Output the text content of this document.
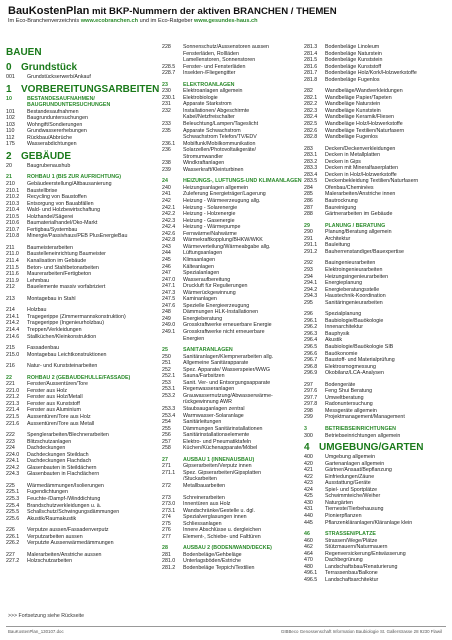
BauKostenPlan mit BKP-Nummern der aktiven BRANCHEN / THEMEN
Im Eco-Branchenverzeichnis www.ecobranchen.ch und im Eco-Ratgeber www.gesundes-haus.ch
BAUEN
0 Grundstück
001	Grundstückserwerb/Ankauf
1 VORBEREITUNGSARBEITEN
10	BESTANDESAUFNAHMEN/ BAUGRUNDUNTERSUCHUNGEN
101	Bestandesaufnahmen
102	Baugrunduntersuchungen
103	Wohngift/Sondierungen
110	Grundwassererhebungen
112	Rückbau/Abbrüche
175	Wasserabdichtungen
2 GEBÄUDE
20	Baugrubenaushub
21	ROHBAU 1 (BIS ZUR AUFRICHTUNG)
210	Gebäudeerstellung/Altbausanierung
210.1	Baustellbrise
210.2	Recycling von Baustoffen
210.3	Entsorgung von Bauabfällen
210.4	Wald- und Holzbewirtschaftung
210.5	Holzhandel/Sägerei
210.6	Baumaterialhandel/Öko-Markt
210.7	Fertigbau/Systembau
210.8	Minergie/Passivhaus/PEB PlusEnergieBau
211	Baumeisterarbeiten
211.0	Baustelleneinrichtung Baumeister
211.4	Kanalisation im Gebäude
211.5	Beton- und Stahlbetonarbeiten
211.6	Maurerarbeiten/Fertigbeton
211.9	Lehmbau
212	Bauelemente massiv vorfabriziert
213	Montagebau in Stahl
214	Holzbau
214.1	Tragegerippe (Zimmermannskonstruktion)
214.2	Tragegerippe (Ingenieurholzbau)
214.4	Treppen/Verkleidungen
214.6	Stallküchen/Kleinkonstruktion
215	Fassadenbau
215.0	Montagebau Leichtkonstruktionen
216	Natur- und Kunststeinarbeiten
22	ROHBAU 2 (GEBÄUDEHÜLLE/FASSADE)
221	Fenster/Aussentüren/Tore
221.0	Fenster aus Holz
221.2	Fenster aus Holz/Metall
221.3	Fenster aus Kunststoff
221.4	Fenster aus Aluminium
221.5	Aussentüren/Tore aus Holz
221.6	Aussentüren/Tore aus Metall
222	Spenglerarbeiten/Blechnerarbeiten
223	Blitzschutzanlagen
224	Dachdeckungen
224.0	Dachdeckungen Steildach
224.1	Dachdeckungen Flachdach
224.2	Glasenbauten in Steildächern
224.3	Glasenbauten in Flachdächern
225	Wärmedämmungen/Isolierungen
225.1	Fugendichtungen
225.3	Feuchte-/Dampf-/Winddichtung
225.4	Brandschutzverkleidungen u. ä.
225.5	Schallschutz/Schwingungsdämmungen
225.6	Akustik/Raumakustik
226	Verputze aussen/Fassadenverputz
226.1	Verputzarbeiten aussen
226.2	Verputzte Aussenwärmedämmungen
227	Malerarbeiten/Anstriche aussen
227.2	Holzschutzarbeiten
228	Sonnenschutz/Aussenstoren aussen
Fensterläden, Rollläden
Lamellenstoren, Sonnenstoren
228.5	Fenster- und Fensterläden
228.7	Insekten-/Fliegengitter
23	ELEKTROANLAGEN
230	Elektroanlagen allgemein
230.1	Elektrobiologie
231	Apparate Starkstrom
232	Installationen/ Abgeschirmte
Kabel/Netzfreischalter
233	Beleuchtung/Lampen/Tageslicht
235	Apparate Schwachstrom
Schwachstrom Telefon/TV/EDV
236.1	Mobilfunk/Mobilkommunikation
236	Solarzellen/Photovoltaikgeräte/
Stromumwandler
238	Windkraftanlagen
239	Wasserkraft/Kleinturbinen
24	HEIZUNGS-, LÜFTUNGS-UND KLIMAANLAGEN
240	Heizungsanlagen allgemein
241	Zuleferung Energieträger/Lagerung
242	Heizung - Wärmeerzeugung allg.
242.1	Heizung - Solarenergie
242.2	Heizung - Holzenergie
242.3	Heizung - Gasenergie
242.4	Heizung - Wärmepumpe
242.6	Fernwärme/Nahwärme
242.8	Wärmekraftkopplung/BHKW/WKK
243	Wärmeverteilung/Wärmeabgabe allg.
244	Lüftungsanlagen
245	Klimaanlagen
246	Kälteanlagen
247	Spezialanlagen
247.0	Wasseraufbereitung
247.1	Druckluft für Regulierungen
247.3	Wärmerückgewinnung
247.5	Kaminanlagen
247.6	Spezielle Energieerzeugung
248	Dämmungen HLK-Installationen
249	Energieberatung
249.0	Grosskraftwerke erneuerbare Energie
249.1	Grosskraftwerke nicht erneuerbare
Energien
25	SANITÄRANLAGEN
250	Sanitäranlagen/Klempnerarbeiten allg.
251	Allgemeine Sanitärapparate
252	Spez. Apparate/ Wasserspeier/WWG
252.1	Sauna/Farbsitzen
253	Sanit. Ver- und Entsorgungsapparate
253.1	Regenwasseranlagen
253.2	Grauwassernutzung/Abwasserwärme-
rückgewinnung AWR
253.3	Staubsauganlagen zentral
253.4	Warmwasser-Solaranlage
254	Sanitärleitungen
255	Dämmungen Sanitärinstallationen
256	Sanitärinstallationselemente
257	Elektro- und Pneumatiktafeln
258	Küchen/Küchenapparate/Möbel
27	AUSBAU 1 (INNENAUSBAU)
271	Gipserarbeiten/Verputz innen
271.1	Spez. Gipserarbeiten/Gipsplatten
/Stuckarbeiten
272	Metallbauarbeiten
273	Schreinerarbeiten
273.0	Innentüren aus Holz
273.1	Wandschränke/Gestelle u. dgl.
274	Spezialverglasungen innen
275	Schliessanlagen
276	Innere Abschlüsse u. dergleichen
277	Element-, Schiebe- und Falttüren
28	AUSBAU 2 (BODEN/WAND/DECKE)
281	Bodenbeläge/Gehbeläge
281.0	Unterlagsböden/Estriche
281.2	Bodenbeläge Teppich/Textilien
281.3	Bodenbeläge Linoleum
281.4	Bodenbeläge Naturstein
281.5	Bodenbeläge Kunststein
281.6	Bodenbeläge Kunststoff
281.7	Bodenbeläge Holz/Kork/Holzwerkstoffe
281.8	Bodenbeläge Fugenlos
282	Wandbeläge/Wandverkleidungen
282.1	Wandbeläge Papier/Tapeten
282.2	Wandbeläge Naturstein
282.3	Wandbeläge Kunststein
282.4	Wandbeläge Keramik/Fliesen
282.5	Wandbeläge Holz/Holzwerkstoffe
282.6	Wandbeläge Textilien/Naturfasern
282.8	Wandbeläge Fugenlos
283	Decken/Deckenverkleidungen
283.1	Decken in Metallplatten
283.2	Decken in Gips
283.3	Decken mit Mineralfaserplatten
283.4	Decken in Holz/Holzwerkstoffe
283.5	Deckenbekleidung Textilien/Naturfasern
284	Ofenbau/Cheminées
285	Malerarbeiten/Anstriche innen
286	Bautrocknung
287	Baureinigung
288	Gärtnerarbeiten im Gebäude
29	PLANUNG / BERATUNG
290	Planung/Beratung allgemein
291	Architektur
291.1	Bauleitung
291.2	Bauherrenstandiger/Bauexpertise
292	Bauingenieurarbeiten
293	Elektroingenieurarbeiten
294	Heizungsingenieurarbeiten
294.1	Energieplanung
294.2	Energieberatungsstelle
294.3	Haustechnik-Koordination
295	Sanitäringenieurarbeiten
296	Spezialplanung
296.1	Baubiologie/Bauökologie
296.2	Innenarchitektur
296.3	Bauphysik
296.4	Akustik
296.5	Baubiologie/Bauökologie SIB
296.6	Bauökonomie
296.7	Baustoff- und Materialprüfung
296.8	Elektrosmogmessung
296.9	Ökobilanz/LCA-Analysen
297	Bodengeräte
297.6	Feng Shui Beratung
297.7	Umweltberatung
297.8	Radonuntersuchung
298	Messgeräte allgemein
299	Projektmanagement/Management
3	BETRIEBSEINRICHTUNGEN
300	Betriebseinrichtungen allgemein
4 UMGEBUNG/GARTEN
400	Umgebung allgemein
420	Gartenanlagen allgemein
421	Gärtner/Ansaat/Bepflanzung
422	Einfriedungen/Zäune
423	Ausstattung/Geräte
424	Spiel- und Sportplätze
425	Schwimmteiche/Weiher
430	Naturgärten
431	Tierneste/Tierbehausung
440	Pionierpflanzen
445	Pflanzenkläranlagen/Kläranlage klein
46	STRASSEN/PLÄTZE
460	Strassen/Wege/Plätze
462	Stützmauern/Naturmauern
464	Regenversickerung/Entwässerung
470	Dachbegrünung
480	Landschaftsbau/Renaturierung
496.1	Terrassenbau/Balkone
496.5	Landschaftsarchitektur
>>> Fortsetzung siehe Rückseite
BauKostenPlan_130107.doc	GIBBeco Genossenschaft Information Baubiologie St. Gallerstrasse 28 9230 Flawil
